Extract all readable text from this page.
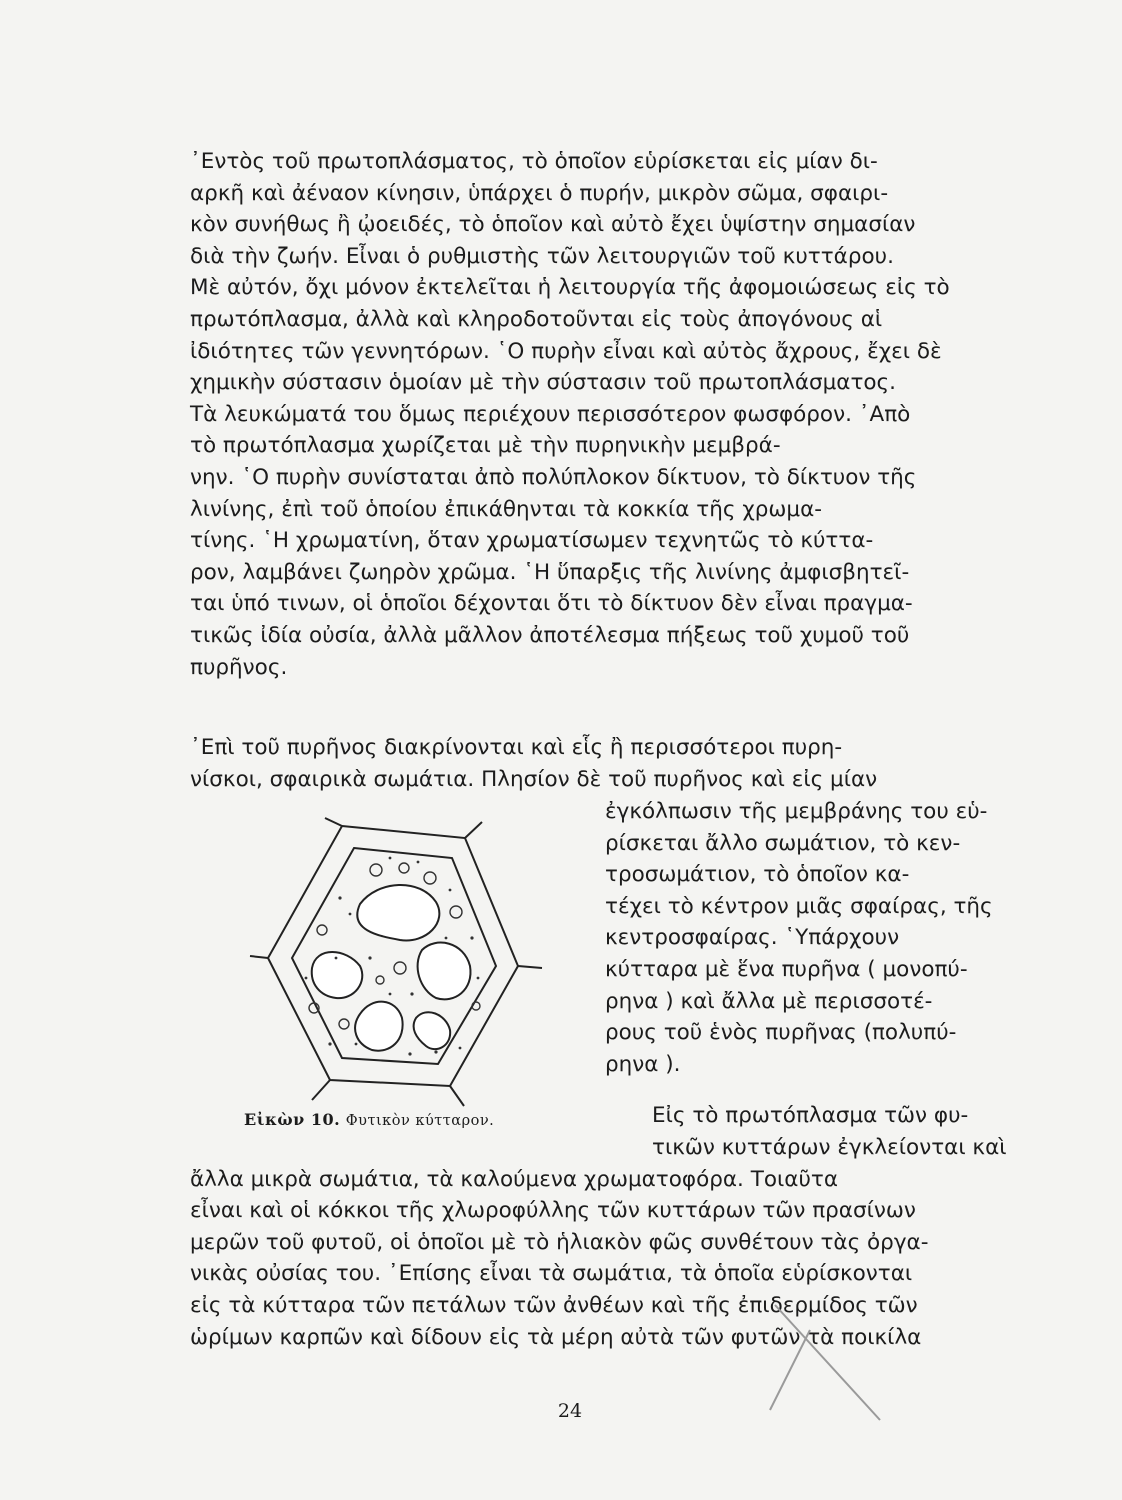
᾿Εντὸς τοῦ πρωτοπλάσματος, τὸ ὁποῖον εὑρίσκεται εἰς μίαν δι-
αρκῆ καὶ ἀέναον κίνησιν, ὑπάρχει ὁ πυρήν, μικρὸν σῶμα, σφαιρι-
κὸν συνήθως ἢ ᾠοειδές, τὸ ὁποῖον καὶ αὐτὸ ἔχει ὑψίστην σημασίαν
διὰ τὴν ζωήν. Εἶναι ὁ ρυθμιστὴς τῶν λειτουργιῶν τοῦ κυττάρου.
Μὲ αὐτόν, ὄχι μόνον ἐκτελεῖται ἡ λειτουργία τῆς ἀφομοιώσεως εἰς τὸ
πρωτόπλασμα, ἀλλὰ καὶ κληροδοτοῦνται εἰς τοὺς ἀπογόνους αἱ
ἰδιότητες τῶν γεννητόρων. ῾Ο πυρὴν εἶναι καὶ αὐτὸς ἄχρους, ἔχει δὲ
χημικὴν σύστασιν ὁμοίαν μὲ τὴν σύστασιν τοῦ πρωτοπλάσματος.
Τὰ λευκώματά του ὅμως περιέχουν περισσότερον φωσφόρον. ᾿Απὸ
τὸ πρωτόπλασμα χωρίζεται μὲ τὴν πυρηνικὴν μεμβρά-
νην. ῾Ο πυρὴν συνίσταται ἀπὸ πολύπλοκον δίκτυον, τὸ δίκτυον τῆς
λινίνης, ἐπὶ τοῦ ὁποίου ἐπικάθηνται τὰ κοκκία τῆς χρωμα-
τίνης. ῾Η χρωματίνη, ὅταν χρωματίσωμεν τεχνητῶς τὸ κύττα-
ρον, λαμβάνει ζωηρὸν χρῶμα. ῾Η ὕπαρξις τῆς λινίνης ἀμφισβητεῖ-
ται ὑπό τινων, οἱ ὁποῖοι δέχονται ὅτι τὸ δίκτυον δὲν εἶναι πραγμα-
τικῶς ἰδία οὐσία, ἀλλὰ μᾶλλον ἀποτέλεσμα πήξεως τοῦ χυμοῦ τοῦ
πυρῆνος.
᾿Επὶ τοῦ πυρῆνος διακρίνονται καὶ εἷς ἢ περισσότεροι πυρη-
νίσκοι, σφαιρικὰ σωμάτια. Πλησίον δὲ τοῦ πυρῆνος καὶ εἰς μίαν
ἐγκόλπωσιν τῆς μεμβράνης του εὑ-
ρίσκεται ἄλλο σωμάτιον, τὸ κεν-
τροσωμάτιον, τὸ ὁποῖον κα-
τέχει τὸ κέντρον μιᾶς σφαίρας, τῆς
κεντροσφαίρας. ῾Υπάρχουν
κύτταρα μὲ ἕνα πυρῆνα ( μονοπύ-
ρηνα ) καὶ ἄλλα μὲ περισσοτέ-
ρους τοῦ ἑνὸς πυρῆνας (πολυπύ-
ρηνα ).
Εἰκὼν 10. Φυτικὸν κύτταρον.	Εἰς τὸ πρωτόπλασμα τῶν φυ-
τικῶν κυττάρων ἐγκλείονται καὶ
ἄλλα μικρὰ σωμάτια, τὰ καλούμενα χρωματοφόρα. Τοιαῦτα
εἶναι καὶ οἱ κόκκοι τῆς χλωροφύλλης τῶν κυττάρων τῶν πρασίνων
μερῶν τοῦ φυτοῦ, οἱ ὁποῖοι μὲ τὸ ἡλιακὸν φῶς συνθέτουν τὰς ὀργα-
νικὰς οὐσίας του. ᾿Επίσης εἶναι τὰ σωμάτια, τὰ ὁποῖα εὑρίσκονται
εἰς τὰ κύτταρα τῶν πετάλων τῶν ἀνθέων καὶ τῆς ἐπιδερμίδος τῶν
ὡρίμων καρπῶν καὶ δίδουν εἰς τὰ μέρη αὐτὰ τῶν φυτῶν τὰ ποικίλα
24
